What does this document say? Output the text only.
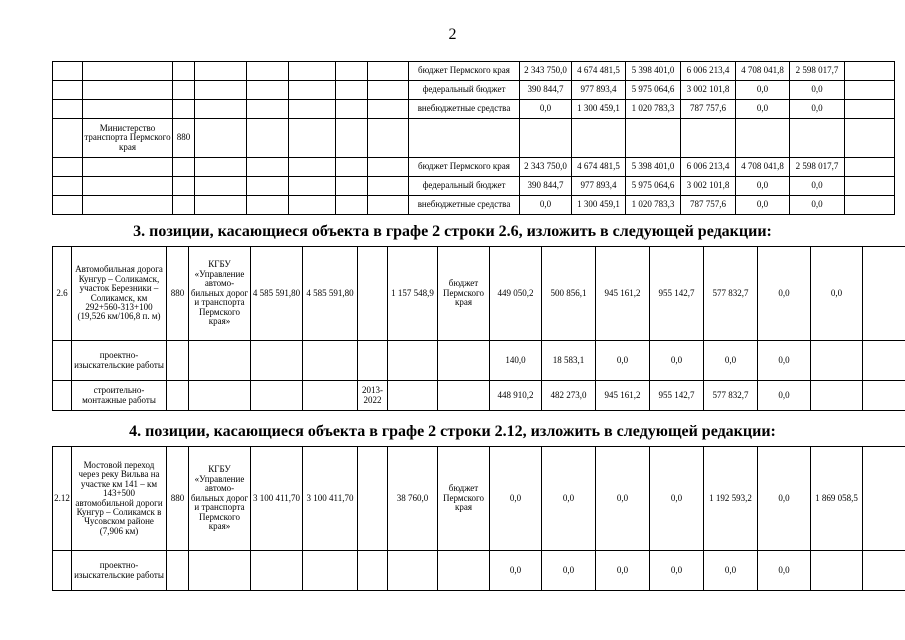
2
								бюджет Пермского края	2 343 750,0	4 674 481,5	5 398 401,0	6 006 213,4	4 708 041,8	2 598 017,7	
								федеральный бюджет	390 844,7	977 893,4	5 975 064,6	3 002 101,8	0,0	0,0	
								внебюджетные средства	0,0	1 300 459,1	1 020 783,3	787 757,6	0,0	0,0	
	Министерство транспорта Пермского края	880													
								бюджет Пермского края	2 343 750,0	4 674 481,5	5 398 401,0	6 006 213,4	4 708 041,8	2 598 017,7	
								федеральный бюджет	390 844,7	977 893,4	5 975 064,6	3 002 101,8	0,0	0,0	
								внебюджетные средства	0,0	1 300 459,1	1 020 783,3	787 757,6	0,0	0,0	
3. позиции, касающиеся объекта в графе 2 строки 2.6, изложить в следующей редакции:
2.6	Автомобильная дорога Кунгур – Соликамск, участок Березники – Соликамск, км 292+560-313+100 (19,526 км/106,8 п. м)	880	КГБУ «Управление автомо-бильных дорог и транспорта Пермского края»	4 585 591,80	4 585 591,80		1 157 548,9	бюджет Пермского края	449 050,2	500 856,1	945 161,2	955 142,7	577 832,7	0,0	0,0	
	проектно-изыскательские работы								140,0	18 583,1	0,0	0,0	0,0	0,0		
	строительно-монтажные работы					2013-2022			448 910,2	482 273,0	945 161,2	955 142,7	577 832,7	0,0		
4. позиции, касающиеся объекта в графе 2 строки 2.12, изложить в следующей редакции:
2.12	Мостовой переход через реку Вильва на участке км 141 – км 143+500 автомобильной дороги Кунгур – Соликамск в Чусовском районе (7,906 км)	880	КГБУ «Управление автомо-бильных дорог и транспорта Пермского края»	3 100 411,70	3 100 411,70		38 760,0	бюджет Пермского края	0,0	0,0	0,0	0,0	1 192 593,2	0,0	1 869 058,5	
	проектно-изыскательские работы								0,0	0,0	0,0	0,0	0,0	0,0		
